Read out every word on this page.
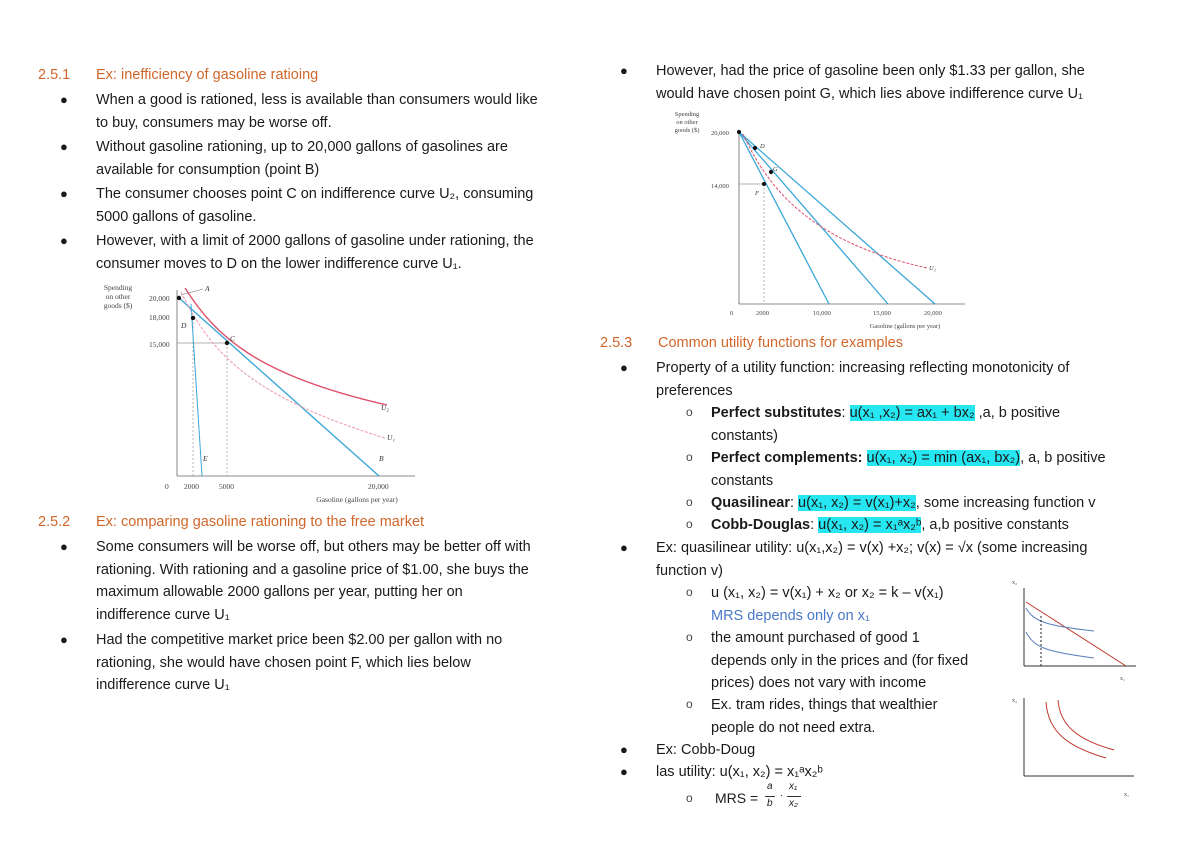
2.5.1 Ex: inefficiency of gasoline ratioing
● When a good is rationed, less is available than consumers would like
to buy, consumers may be worse off.
● Without gasoline rationing, up to 20,000 gallons of gasolines are
available for consumption (point B)
● The consumer chooses point C on indifference curve U₂, consuming
5000 gallons of gasoline.
● However, with a limit of 2000 gallons of gasoline under rationing, the
consumer moves to D on the lower indifference curve U₁.
Spending
on other
goods ($)
20,000
18,000
15,000
0 2000	5000	20,000
Gasoline (gallons per year)
A
D
C
E	B
U₂
U₁
2.5.2 Ex: comparing gasoline rationing to the free market
● Some consumers will be worse off, but others may be better off with
rationing. With rationing and a gasoline price of $1.00, she buys the
maximum allowable 2000 gallons per year, putting her on
indifference curve U₁
● Had the competitive market price been $2.00 per gallon with no
rationing, she would have chosen point F, which lies below
indifference curve U₁
● However, had the price of gasoline been only $1.33 per gallon, she
would have chosen point G, which lies above indifference curve U₁
Spending
on other
goods ($) 20,000
14,000
0	2000	10,000	15,000	20,000
Gasoline (gallons per year)
D
G
F
U₁
2.5.3 Common utility functions for examples
● Property of a utility function: increasing reflecting monotonicity of
preferences
o Perfect substitutes: u(x₁ ,x₂) = ax₁ + bx₂ ,a, b positive
constants)
o Perfect complements: u(x₁, x₂) = min (ax₁, bx₂), a, b positive
constants
o Quasilinear: u(x₁, x₂) = v(x₁)+x₂, some increasing function v
o Cobb-Douglas: u(x₁, x₂) = x₁ᵃx₂ᵇ, a,b positive constants
● Ex: quasilinear utility: u(x₁,x₂) = v(x) +x₂; v(x) = √x (some increasing
function v)
o u (x₁, x₂) = v(x₁) + x₂ or x₂ = k – v(x₁)
MRS depends only on x₁
o the amount purchased of good 1
depends only in the prices and (for fixed
prices) does not vary with income
o Ex. tram rides, things that wealthier
people do not need extra.
● Ex: Cobb-Doug
● las utility: u(x₁, x₂) = x₁ᵃx₂ᵇ
o MRS =
a
b
·
x₁
x₂
x₂
x₁
x₂
x₁
